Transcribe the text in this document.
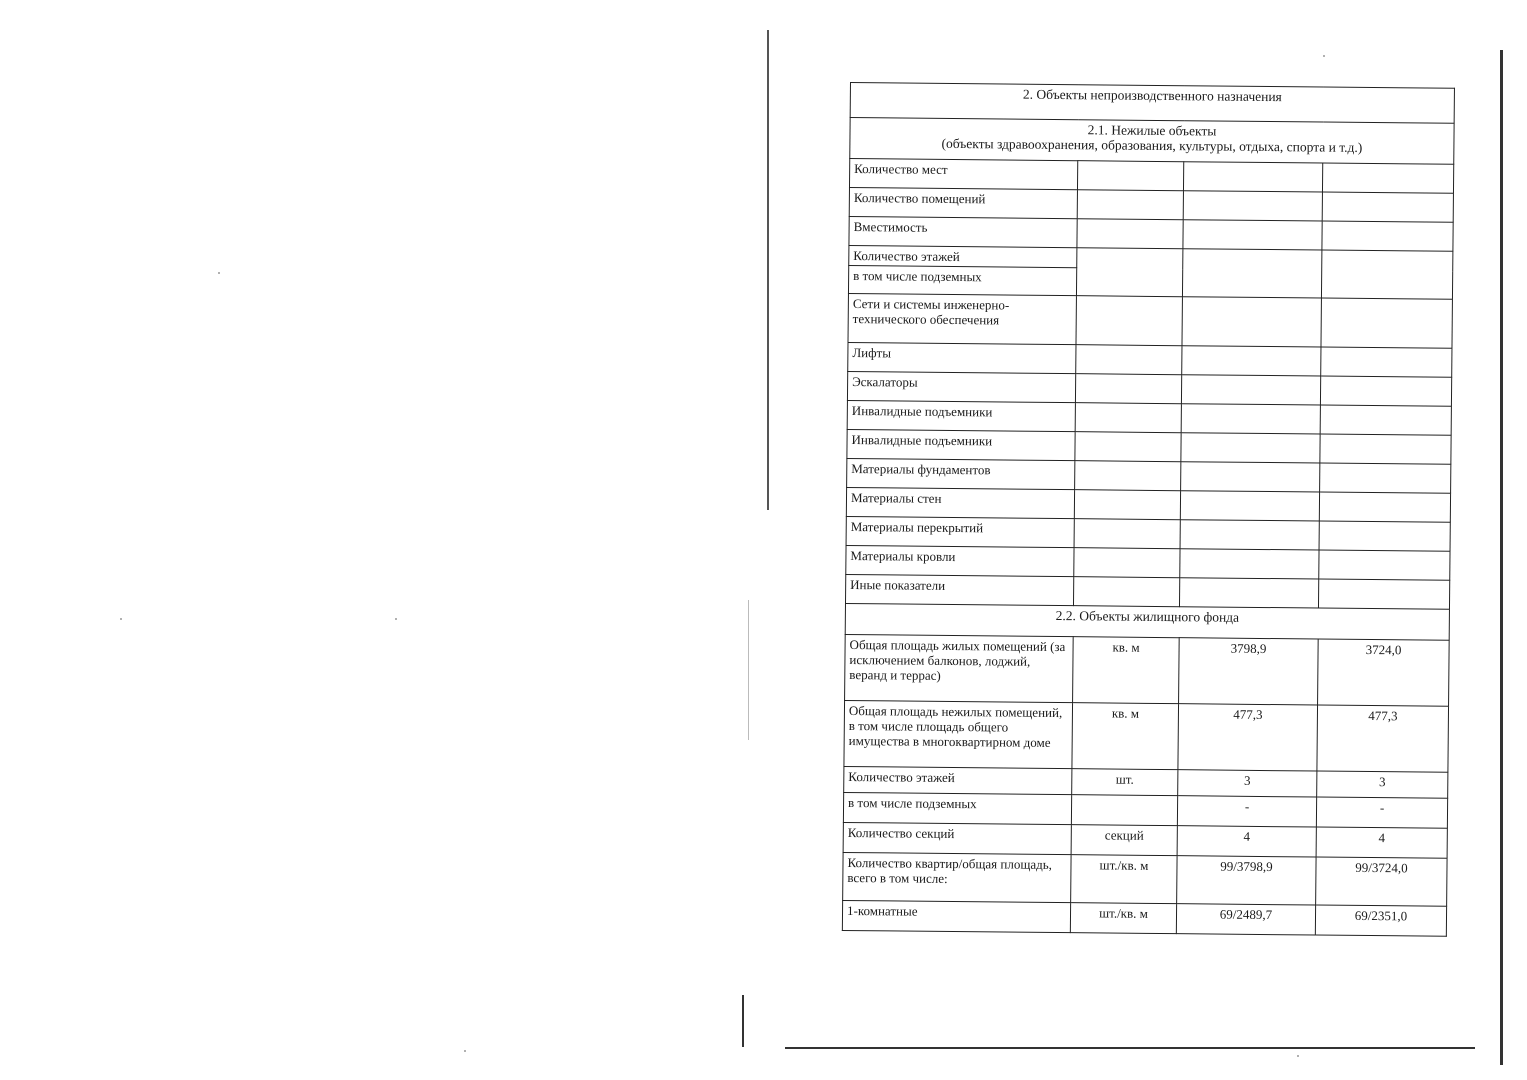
2. Объекты непроизводственного назначения			

2.1. Нежилые объекты
(объекты здравоохранения, образования, культуры, отдыха, спорта и т.д.)			

Количество мест			
Количество помещений			
Вместимость			
Количество этажей			
в том числе подземных			
Сети и системы инженерно-технического обеспечения			
Лифты			
Эскалаторы			
Инвалидные подъемники			
Инвалидные подъемники			
Материалы фундаментов			
Материалы стен			
Материалы перекрытий			
Материалы кровли			
Иные показатели			
2.2. Объекты жилищного фонда			
Общая площадь жилых помещений (за исключением балконов, лоджий, веранд и террас)	кв. м	3798,9	3724,0
Общая площадь нежилых помещений, в том числе площадь общего имущества в многоквартирном доме	кв. м	477,3	477,3
Количество этажей	шт.	3	3
в том числе подземных		-	-
Количество секций	секций	4	4
Количество квартир/общая площадь, всего в том числе:	шт./кв. м	99/3798,9	99/3724,0
1-комнатные	шт./кв. м	69/2489,7	69/2351,0
